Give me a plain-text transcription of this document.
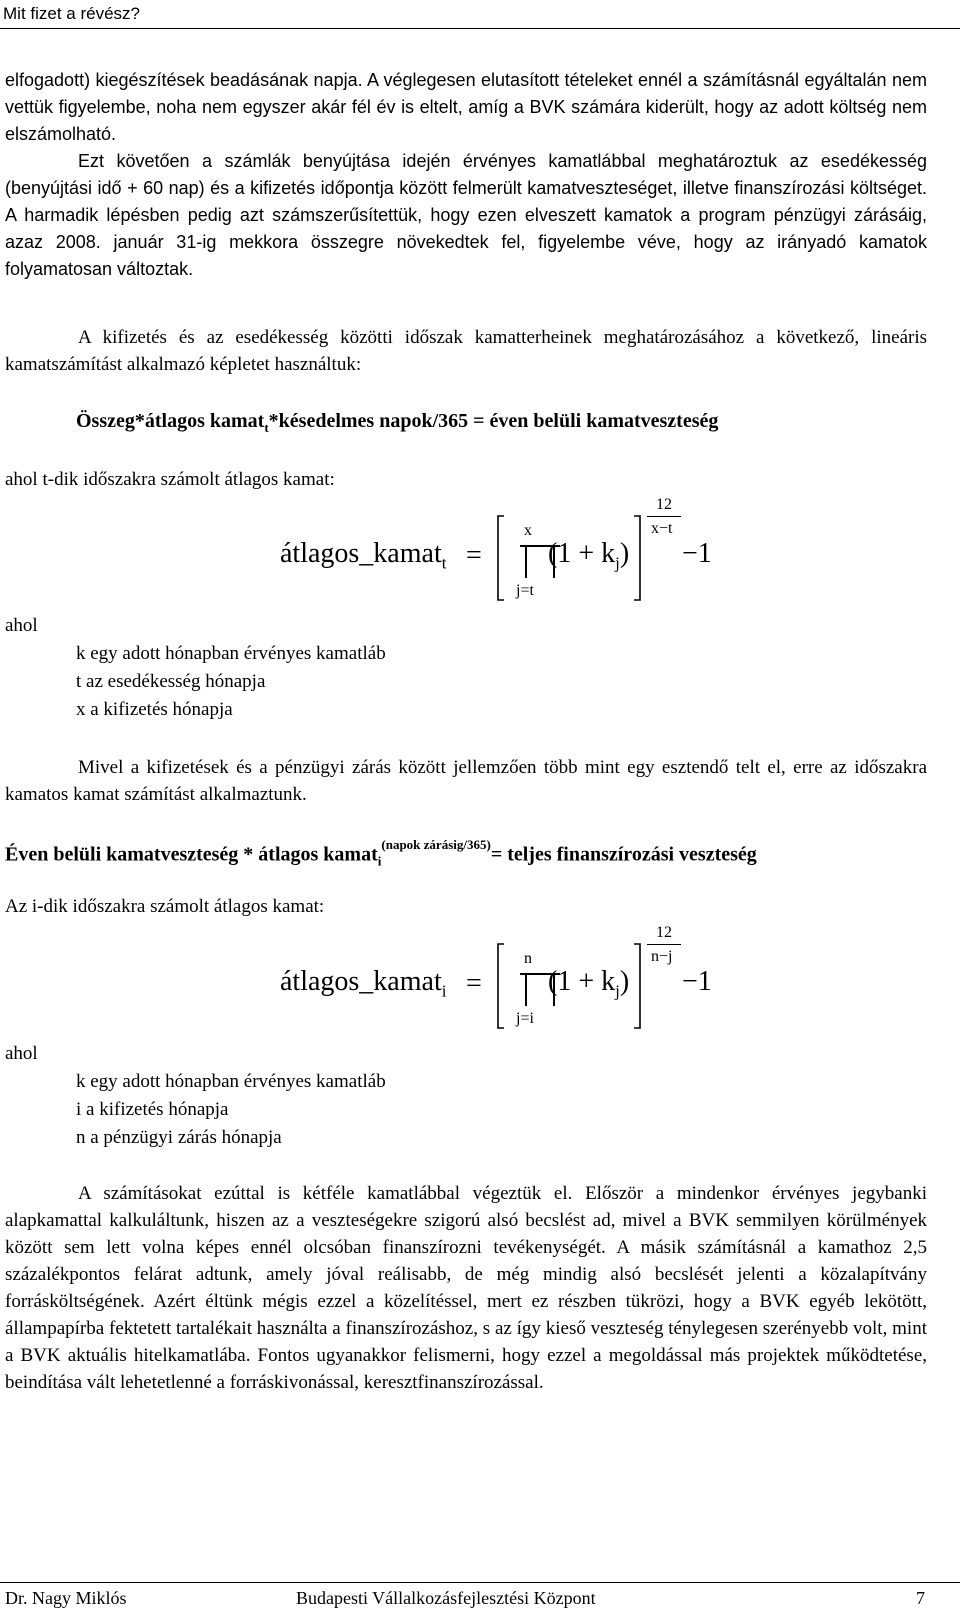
Mit fizet a révész?

elfogadott) kiegészítések beadásának napja. A véglegesen elutasított tételeket ennél a számításnál egyáltalán nem vettük figyelembe, noha nem egyszer akár fél év is eltelt, amíg a BVK számára kiderült, hogy az adott költség nem elszámolható.

Ezt követően a számlák benyújtása idején érvényes kamatlábbal meghatároztuk az esedékesség (benyújtási idő + 60 nap) és a kifizetés időpontja között felmerült kamatveszteséget, illetve finanszírozási költséget. A harmadik lépésben pedig azt számszerűsítettük, hogy ezen elveszett kamatok a program pénzügyi zárásáig, azaz 2008. január 31-ig mekkora összegre növekedtek fel, figyelembe véve, hogy az irányadó kamatok folyamatosan változtak.

A kifizetés és az esedékesség közötti időszak kamatterheinek meghatározásához a következő, lineáris kamatszámítást alkalmazó képletet használtuk:

Összeg*átlagos kamat$_t$*késedelmes napok/365 = éven belüli kamatveszteség
ahol t-dik időszakra számolt átlagos kamat:
átlagos_kamat$_t$ =
x
j=t
$(1 + k_j)$
12
x−t
−1
ahol
k egy adott hónapban érvényes kamatláb
t az esedékesség hónapja
x a kifizetés hónapja

Mivel a kifizetések és a pénzügyi zárás között jellemzően több mint egy esztendő telt el, erre az időszakra kamatos kamat számítást alkalmaztunk.

Éven belüli kamatveszteség * átlagos kamat$_i^{(napok zárásig/365)}$= teljes finanszírozási veszteség
Az i-dik időszakra számolt átlagos kamat:
átlagos_kamat$_i$ =
n
j=i
$(1 + k_j)$
12
n−j
−1
ahol
k egy adott hónapban érvényes kamatláb
i a kifizetés hónapja
n a pénzügyi zárás hónapja

A számításokat ezúttal is kétféle kamatlábbal végeztük el. Először a mindenkor érvényes jegybanki alapkamattal kalkuláltunk, hiszen az a veszteségekre szigorú alsó becslést ad, mivel a BVK semmilyen körülmények között sem lett volna képes ennél olcsóban finanszírozni tevékenységét. A másik számításnál a kamathoz 2,5 százalékpontos felárat adtunk, amely jóval reálisabb, de még mindig alsó becslését jelenti a közalapítvány forrásköltségének. Azért éltünk mégis ezzel a közelítéssel, mert ez részben tükrözi, hogy a BVK egyéb lekötött, állampapírba fektetett tartalékait használta a finanszírozáshoz, s az így kieső veszteség ténylegesen szerényebb volt, mint a BVK aktuális hitelkamatlába. Fontos ugyanakkor felismerni, hogy ezzel a megoldással más projektek működtetése, beindítása vált lehetetlenné a forráskivonással, keresztfinanszírozással.

Dr. Nagy Miklós	Budapesti Vállalkozásfejlesztési Központ	7
